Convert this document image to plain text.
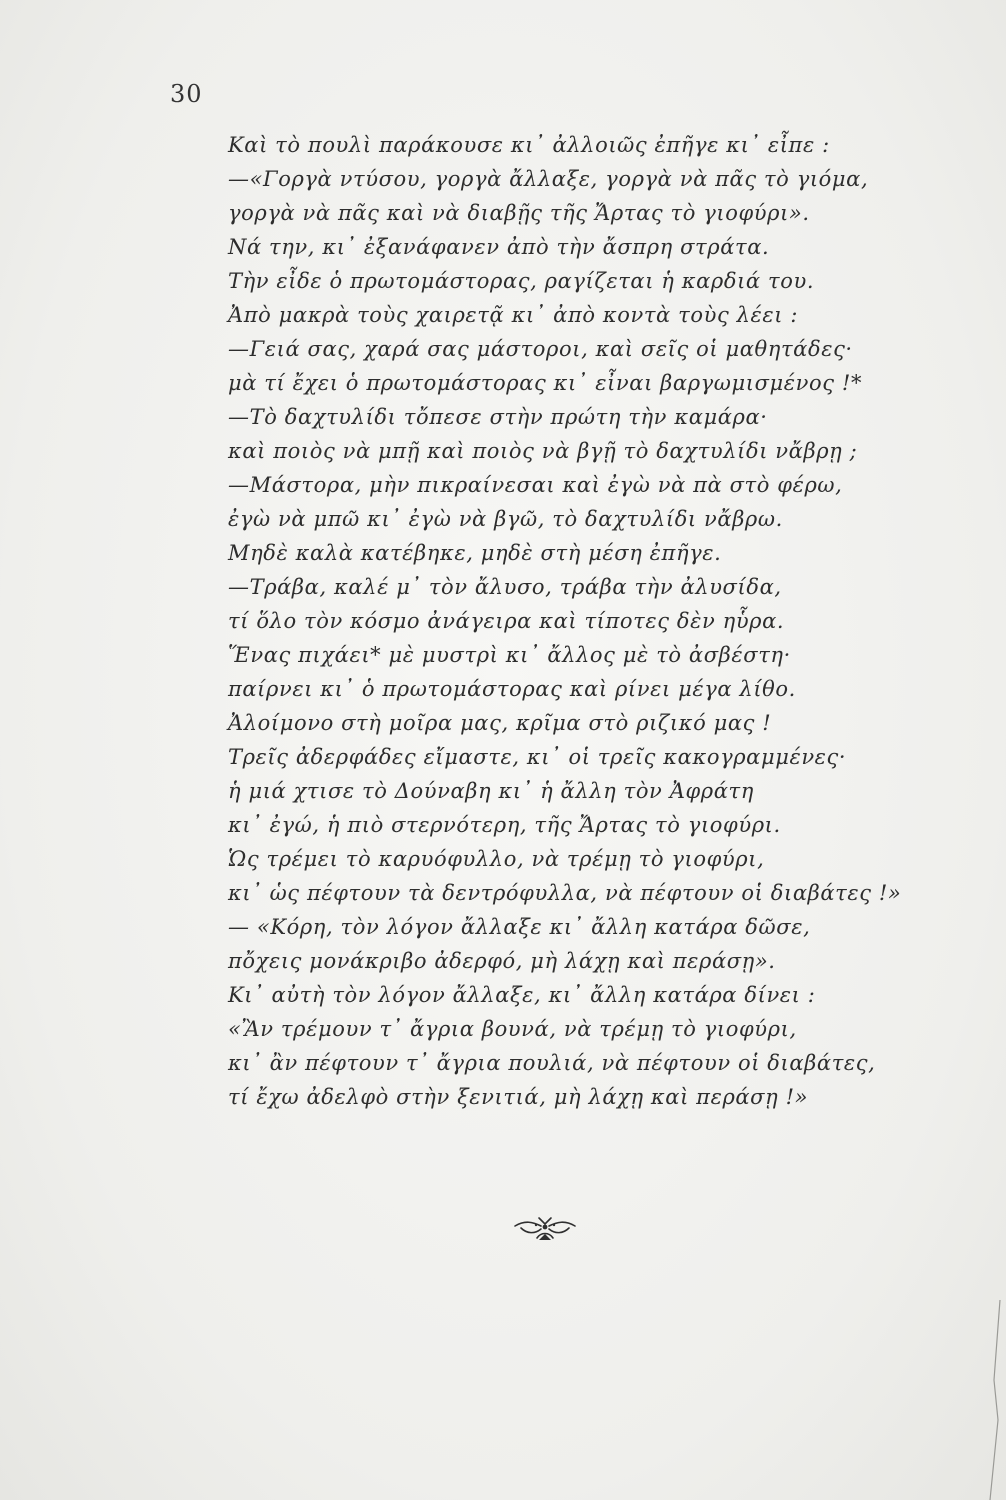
30
Καὶ τὸ πουλὶ παράκουσε κι᾿ ἀλλοιῶς ἐπῆγε κι᾿ εἶπε :
—«Γοργὰ ντύσου, γοργὰ ἄλλαξε, γοργὰ νὰ πᾶς τὸ γιόμα,
γοργὰ νὰ πᾶς καὶ νὰ διαβῇς τῆς Ἄρτας τὸ γιοφύρι».
Νά την, κι᾿ ἐξανάφανεν ἀπὸ τὴν ἄσπρη στράτα.
Τὴν εἶδε ὁ πρωτομάστορας, ραγίζεται ἡ καρδιά του.
Ἀπὸ μακρὰ τοὺς χαιρετᾷ κι᾿ ἀπὸ κοντὰ τοὺς λέει :
—Γειά σας, χαρά σας μάστοροι, καὶ σεῖς οἱ μαθητάδες·
μὰ τί ἔχει ὁ πρωτομάστορας κι᾿ εἶναι βαργωμισμένος !*
—Τὸ δαχτυλίδι τὄπεσε στὴν πρώτη τὴν καμάρα·
καὶ ποιὸς νὰ μπῇ καὶ ποιὸς νὰ βγῇ τὸ δαχτυλίδι νἄβρῃ ;
—Μάστορα, μὴν πικραίνεσαι καὶ ἐγὼ νὰ πὰ στὸ φέρω,
ἐγὼ νὰ μπῶ κι᾿ ἐγὼ νὰ βγῶ, τὸ δαχτυλίδι νἄβρω.
Μηδὲ καλὰ κατέβηκε, μηδὲ στὴ μέση ἐπῆγε.
—Τράβα, καλέ μ᾿ τὸν ἄλυσο, τράβα τὴν ἀλυσίδα,
τί ὅλο τὸν κόσμο ἀνάγειρα καὶ τίποτες δὲν ηὗρα.
Ἕνας πιχάει* μὲ μυστρὶ κι᾿ ἄλλος μὲ τὸ ἀσβέστη·
παίρνει κι᾿ ὁ πρωτομάστορας καὶ ρίνει μέγα λίθο.
Ἀλοίμονο στὴ μοῖρα μας, κρῖμα στὸ ριζικό μας !
Τρεῖς ἀδερφάδες εἴμαστε, κι᾿ οἱ τρεῖς κακογραμμένες·
ἡ μιά χτισε τὸ Δούναβη κι᾿ ἡ ἄλλη τὸν Ἀφράτη
κι᾿ ἐγώ, ἡ πιὸ στερνότερη, τῆς Ἄρτας τὸ γιοφύρι.
Ὡς τρέμει τὸ καρυόφυλλο, νὰ τρέμῃ τὸ γιοφύρι,
κι᾿ ὡς πέφτουν τὰ δεντρόφυλλα, νὰ πέφτουν οἱ διαβάτες !»
— «Κόρη, τὸν λόγον ἄλλαξε κι᾿ ἄλλη κατάρα δῶσε,
πὄχεις μονάκριβο ἀδερφό, μὴ λάχῃ καὶ περάσῃ».
Κι᾿ αὐτὴ τὸν λόγον ἄλλαξε, κι᾿ ἄλλη κατάρα δίνει :
«Ἂν τρέμουν τ᾿ ἄγρια βουνά, νὰ τρέμῃ τὸ γιοφύρι,
κι᾿ ἂν πέφτουν τ᾿ ἄγρια πουλιά, νὰ πέφτουν οἱ διαβάτες,
τί ἔχω ἀδελφὸ στὴν ξενιτιά, μὴ λάχῃ καὶ περάσῃ !»
